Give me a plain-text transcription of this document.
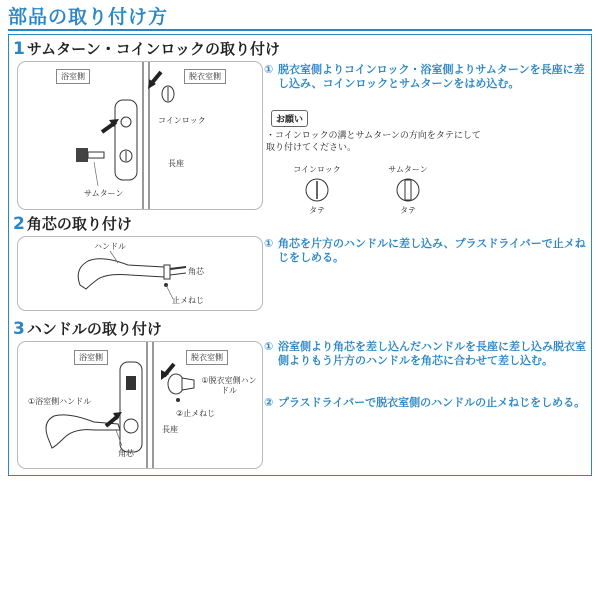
部品の取り付け方
1 サムターン・コインロックの取り付け
浴室側	脱衣室側
コインロック
長座
サムターン
① 脱衣室側よりコインロック・浴室側よりサムターンを長座に差し込み、コインロックとサムターンをはめ込む。
お願い
・コインロックの溝とサムターンの方向をタテにして取り付けてください。
コインロック
タテ
サムターン
タテ
2 角芯の取り付け
ハンドル
角芯
止メねじ
① 角芯を片方のハンドルに差し込み、プラスドライバーで止メねじをしめる。
3 ハンドルの取り付け
浴室側	脱衣室側
①脱衣室側ハンドル
①浴室側ハンドル
②止メねじ
長座
角芯
① 浴室側より角芯を差し込んだハンドルを長座に差し込み脱衣室側よりもう片方のハンドルを角芯に合わせて差し込む。
② プラスドライバーで脱衣室側のハンドルの止メねじをしめる。
